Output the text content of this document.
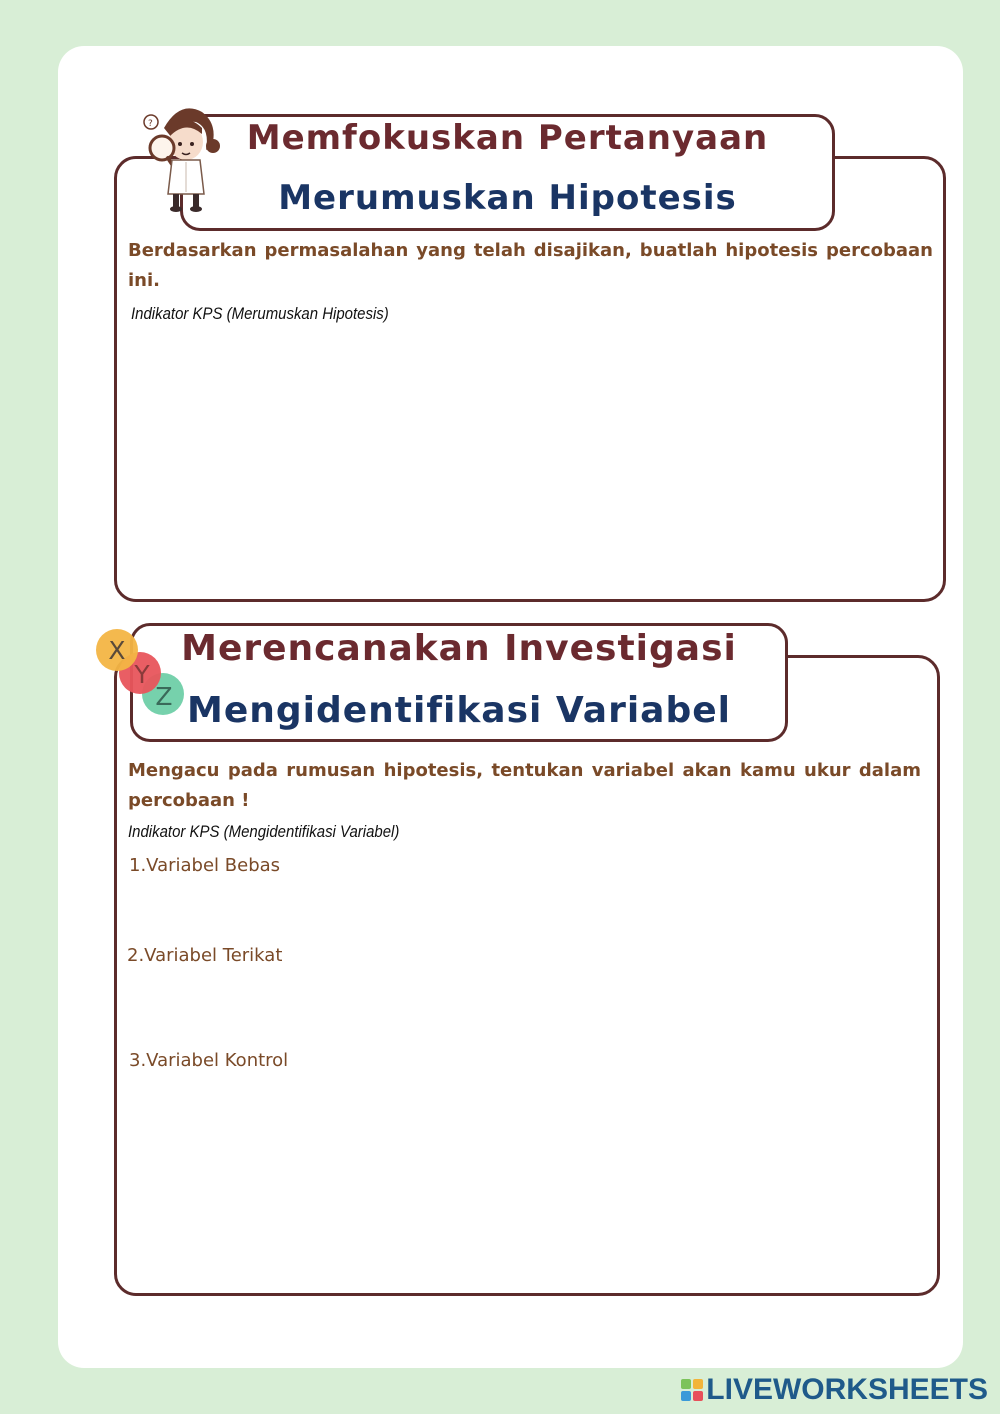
Memfokuskan Pertanyaan
Merumuskan Hipotesis
?
Berdasarkan permasalahan yang telah disajikan, buatlah hipotesis percobaan ini.
Indikator KPS (Merumuskan Hipotesis)
Merencanakan Investigasi
Mengidentifikasi Variabel
X
Y
Z
Mengacu pada rumusan hipotesis, tentukan variabel akan kamu ukur dalam percobaan !
Indikator KPS (Mengidentifikasi Variabel)
1.Variabel Bebas
2.Variabel Terikat
3.Variabel Kontrol
LIVEWORKSHEETS
